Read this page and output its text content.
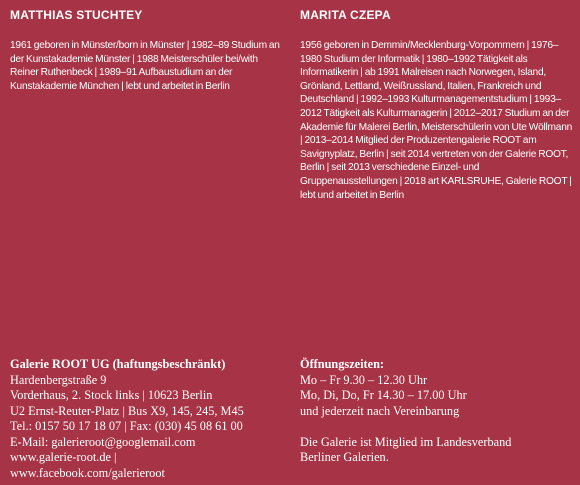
MATTHIAS STUCHTEY	MARITA CZEPA
1961 geboren in Münster/born in Münster | 1982–89 Studium an der Kunstakademie Münster | 1988 Meisterschüler bei/with Reiner Ruthenbeck | 1989–91 Aufbaustudium an der Kunstakademie München | lebt und arbeitet in Berlin
1956 geboren in Demmin/Mecklenburg-Vorpommern | 1976–1980 Studium der Informatik | 1980–1992 Tätigkeit als Informatikerin | ab 1991 Malreisen nach Norwegen, Island, Grönland, Lettland, Weißrussland, Italien, Frankreich und Deutschland | 1992–1993 Kulturmanagementstudium | 1993–2012 Tätigkeit als Kulturmanagerin | 2012–2017 Studium an der Akademie für Malerei Berlin, Meisterschülerin von Ute Wöllmann | 2013–2014 Mitglied der Produzentengalerie ROOT am Savignyplatz, Berlin | seit 2014 vertreten von der Galerie ROOT, Berlin | seit 2013 verschiedene Einzel- und Gruppenausstellungen | 2018 art KARLSRUHE, Galerie ROOT | lebt und arbeitet in Berlin
Galerie ROOT UG (haftungsbeschränkt)
Hardenbergstraße 9
Vorderhaus, 2. Stock links | 10623 Berlin
U2 Ernst-Reuter-Platz | Bus X9, 145, 245, M45
Tel.: 0157 50 17 18 07 | Fax: (030) 45 08 61 00
E-Mail: galerieroot@googlemail.com
www.galerie-root.de |
www.facebook.com/galerieroot
Öffnungszeiten:
Mo – Fr 9.30 – 12.30 Uhr
Mo, Di, Do, Fr 14.30 – 17.00 Uhr
und jederzeit nach Vereinbarung
Die Galerie ist Mitglied im Landesverband
Berliner Galerien.
